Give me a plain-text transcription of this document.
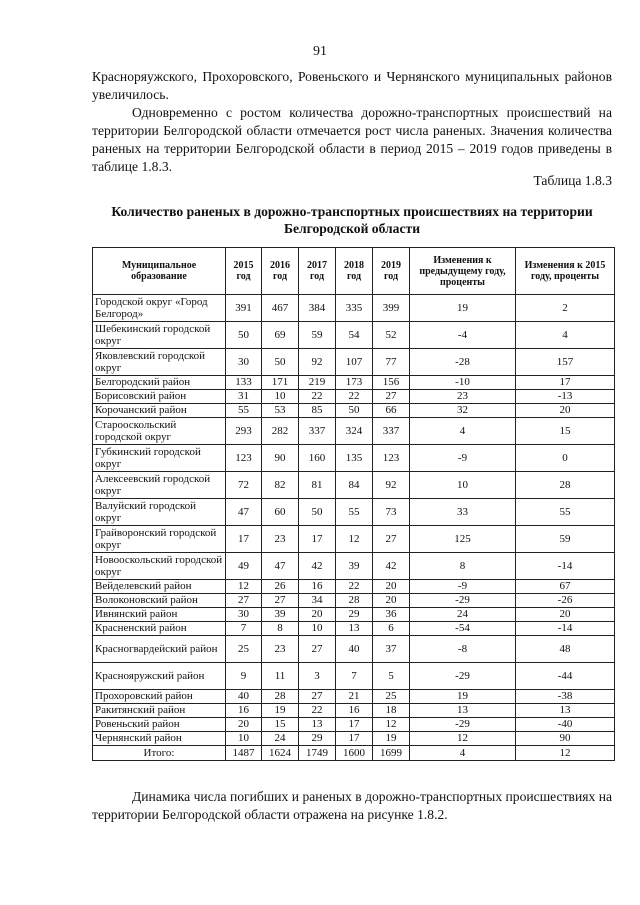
91
Красноряужского, Прохоровского, Ровеньского и Чернянского муниципальных районов увеличилось.
Одновременно с ростом количества дорожно-транспортных происшествий на территории Белгородской области отмечается рост числа раненых. Значения количества раненых на территории Белгородской области в период 2015 – 2019 годов приведены в таблице 1.8.3.
Таблица 1.8.3
Количество раненых в дорожно-транспортных происшествиях на территории Белгородской области
Муниципальное образование	2015 год	2016 год	2017 год	2018 год	2019 год	Изменения к предыдущему году, проценты	Изменения к 2015 году, проценты
Городской округ «Город Белгород»	391	467	384	335	399	19	2
Шебекинский городской округ	50	69	59	54	52	-4	4
Яковлевский городской округ	30	50	92	107	77	-28	157
Белгородский район	133	171	219	173	156	-10	17
Борисовский район	31	10	22	22	27	23	-13
Корочанский район	55	53	85	50	66	32	20
Старооскольский городской округ	293	282	337	324	337	4	15
Губкинский городской округ	123	90	160	135	123	-9	0
Алексеевский городской округ	72	82	81	84	92	10	28
Валуйский городской округ	47	60	50	55	73	33	55
Грайворонский городской округ	17	23	17	12	27	125	59
Новооскольский городской округ	49	47	42	39	42	8	-14
Вейделевский район	12	26	16	22	20	-9	67
Волоконовский район	27	27	34	28	20	-29	-26
Ивнянский район	30	39	20	29	36	24	20
Красненский район	7	8	10	13	6	-54	-14
Красногвардейский район	25	23	27	40	37	-8	48
Краснояружский район	9	11	3	7	5	-29	-44
Прохоровский район	40	28	27	21	25	19	-38
Ракитянский район	16	19	22	16	18	13	13
Ровеньский район	20	15	13	17	12	-29	-40
Чернянский район	10	24	29	17	19	12	90
Итого:	1487	1624	1749	1600	1699	4	12
Динамика числа погибших и раненых в дорожно-транспортных происшествиях на территории Белгородской области отражена на рисунке 1.8.2.
